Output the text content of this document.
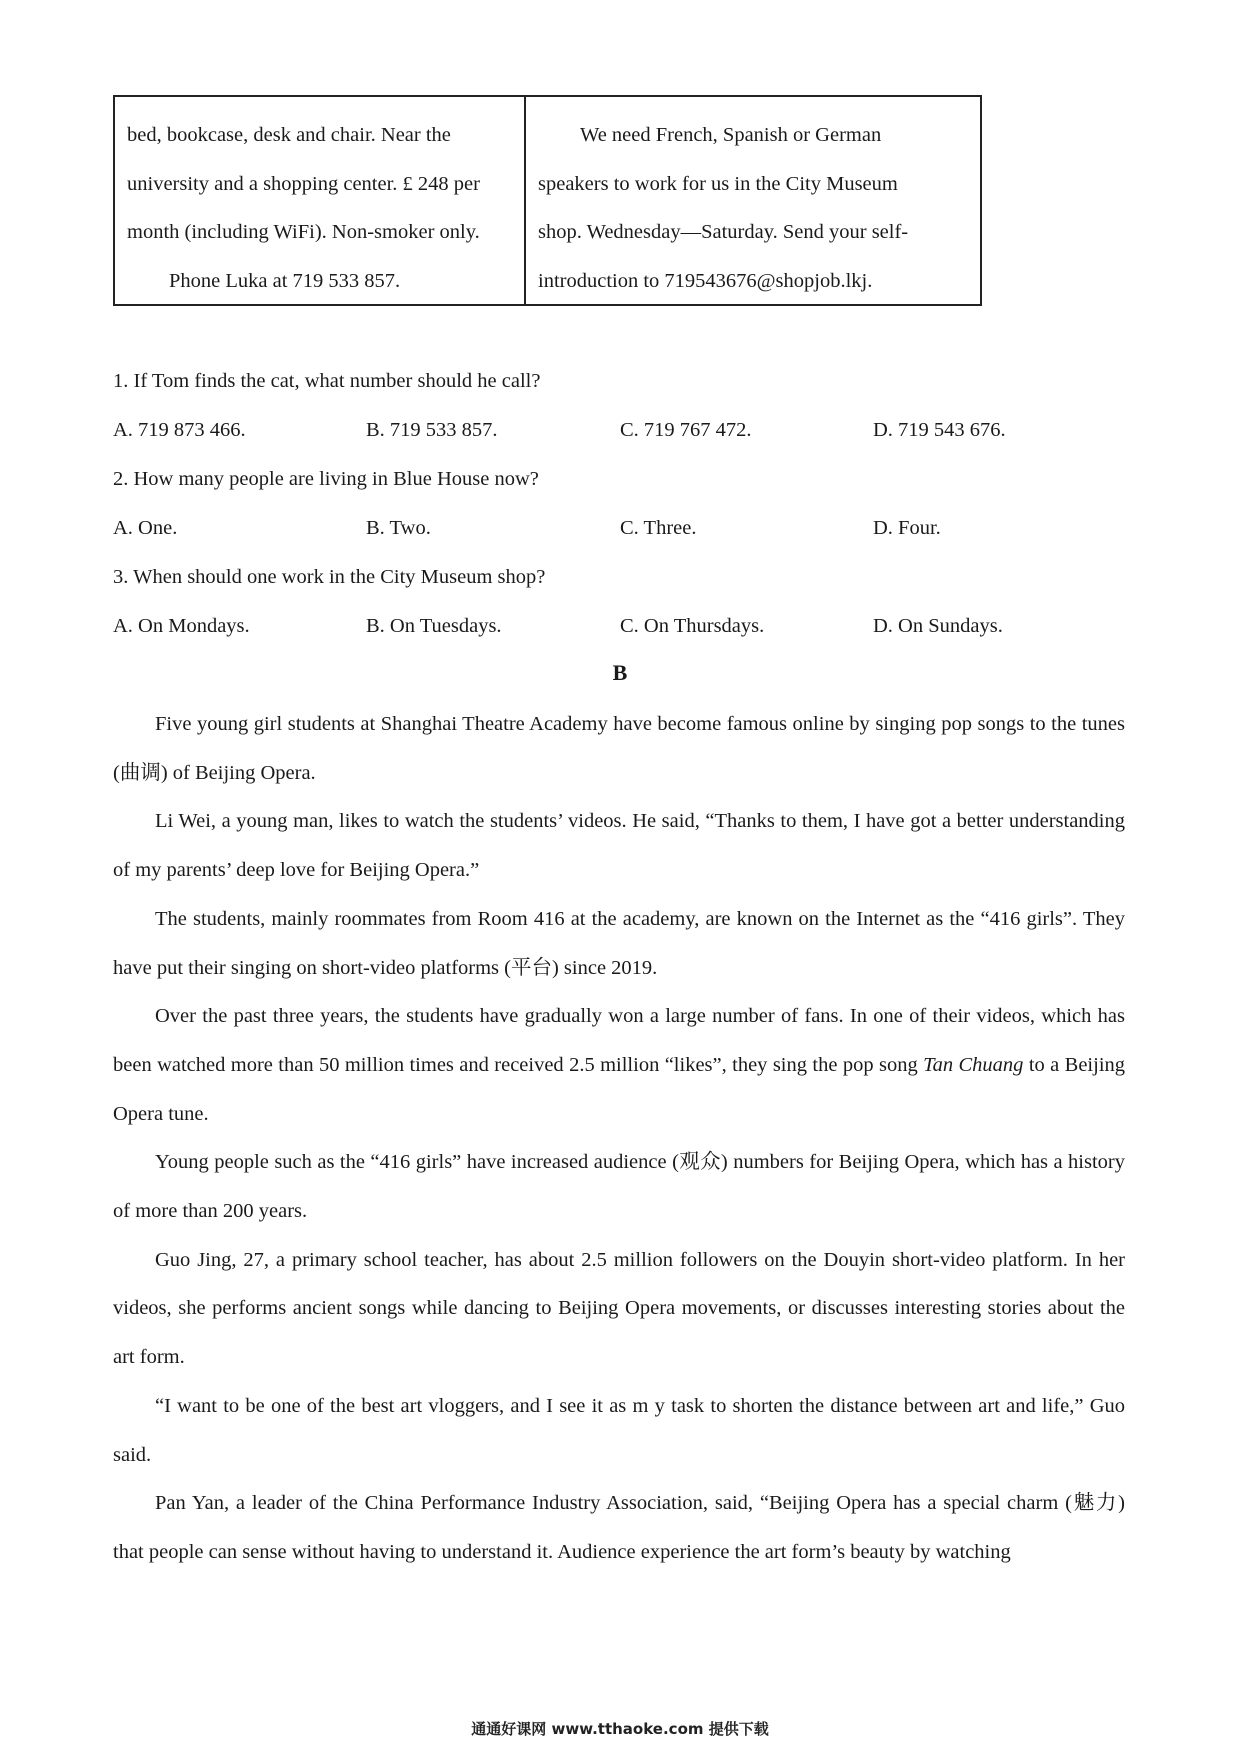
bed, bookcase, desk and chair. Near the
university and a shopping center. £ 248 per
month (including WiFi). Non-smoker only.
Phone Luka at 719 533 857.
We need French, Spanish or German
speakers to work for us in the City Museum
shop. Wednesday—Saturday. Send your self-
introduction to 719543676@shopjob.lkj.
1. If Tom finds the cat, what number should he call?
A. 719 873 466.	B. 719 533 857.	C. 719 767 472.	D. 719 543 676.
2. How many people are living in Blue House now?
A. One.	B. Two.	C. Three.	D. Four.
3. When should one work in the City Museum shop?
A. On Mondays.	B. On Tuesdays.	C. On Thursdays.	D. On Sundays.
B

Five young girl students at Shanghai Theatre Academy have become famous online by singing pop songs to the tunes (曲调) of Beijing Opera.

Li Wei, a young man, likes to watch the students’ videos. He said, “Thanks to them, I have got a better understanding of my parents’ deep love for Beijing Opera.”

The students, mainly roommates from Room 416 at the academy, are known on the Internet as the “416 girls”. They have put their singing on short-video platforms (平台) since 2019.

Over the past three years, the students have gradually won a large number of fans. In one of their videos, which has been watched more than 50 million times and received 2.5 million “likes”, they sing the pop song Tan Chuang to a Beijing Opera tune.

Young people such as the “416 girls” have increased audience (观众) numbers for Beijing Opera, which has a history of more than 200 years.

Guo Jing, 27, a primary school teacher, has about 2.5 million followers on the Douyin short-video platform. In her videos, she performs ancient songs while dancing to Beijing Opera movements, or discusses interesting stories about the art form.

“I want to be one of the best art vloggers, and I see it as m y task to shorten the distance between art and life,” Guo said.

Pan Yan, a leader of the China Performance Industry Association, said, “Beijing Opera has a special charm (魅力) that people can sense without having to understand it. Audience experience the art form’s beauty by watching

通通好课网 www.tthaoke.com 提供下载
